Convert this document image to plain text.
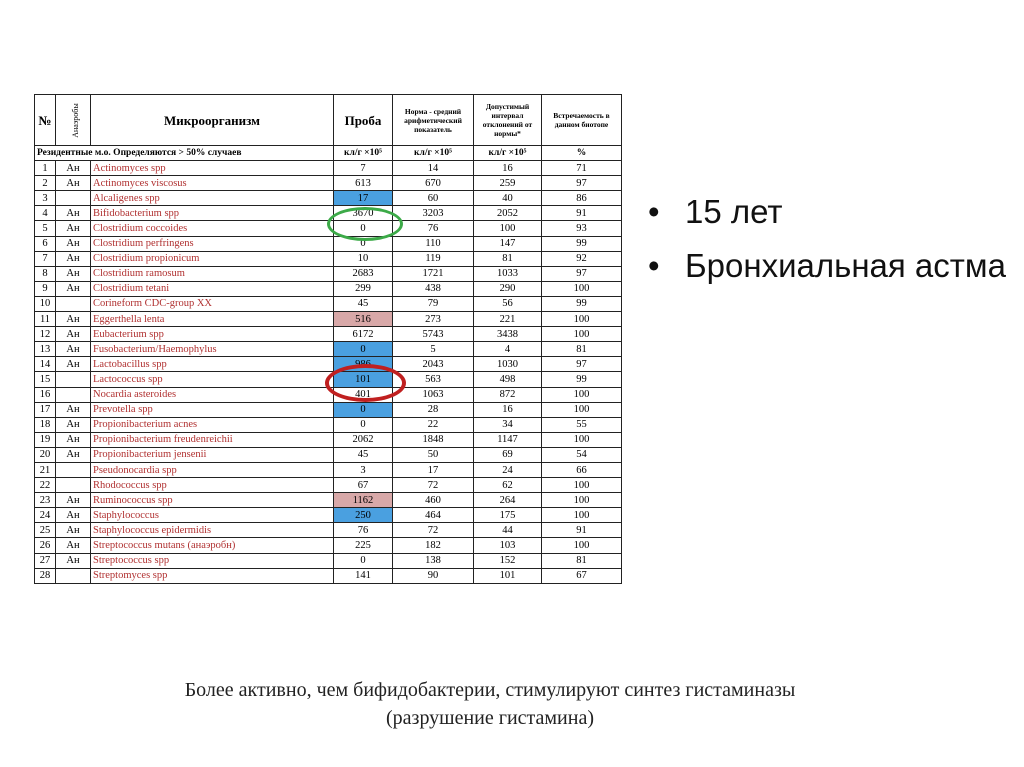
№	Анаэробы	Микроорганизм	Проба	Норма - средний арифметический показатель	Допустимый интервал отклонений от нормы*	Встречаемость в данном биотопе
Резидентные м.о. Определяются > 50% случаев			кл/г ×10⁵	кл/г ×10⁵	кл/г ×10⁵	%
1	Ан	Actinomyces spp	7	14	16	71
2	Ан	Actinomyces viscosus	613	670	259	97
3		Alcaligenes spp	17	60	40	86
4	Ан	Bifidobacterium spp	3670	3203	2052	91
5	Ан	Clostridium coccoides	0	76	100	93
6	Ан	Clostridium perfringens	0	110	147	99
7	Ан	Clostridium propionicum	10	119	81	92
8	Ан	Clostridium ramosum	2683	1721	1033	97
9	Ан	Clostridium tetani	299	438	290	100
10		Corineform CDC-group XX	45	79	56	99
11	Ан	Eggerthella lenta	516	273	221	100
12	Ан	Eubacterium spp	6172	5743	3438	100
13	Ан	Fusobacterium/Haemophylus	0	5	4	81
14	Ан	Lactobacillus spp	986	2043	1030	97
15		Lactococcus spp	101	563	498	99
16		Nocardia asteroides	401	1063	872	100
17	Ан	Prevotella spp	0	28	16	100
18	Ан	Propionibacterium acnes	0	22	34	55
19	Ан	Propionibacterium freudenreichii	2062	1848	1147	100
20	Ан	Propionibacterium jensenii	45	50	69	54
21		Pseudonocardia spp	3	17	24	66
22		Rhodococcus spp	67	72	62	100
23	Ан	Ruminococcus spp	1162	460	264	100
24	Ан	Staphylococcus	250	464	175	100
25	Ан	Staphylococcus epidermidis	76	72	44	91
26	Ан	Streptococcus mutans (анаэробн)	225	182	103	100
27	Ан	Streptococcus spp	0	138	152	81
28		Streptomyces spp	141	90	101	67
• 15 лет
• Бронхиальная астма
Более активно, чем бифидобактерии, стимулируют синтез гистаминазы
(разрушение гистамина)
